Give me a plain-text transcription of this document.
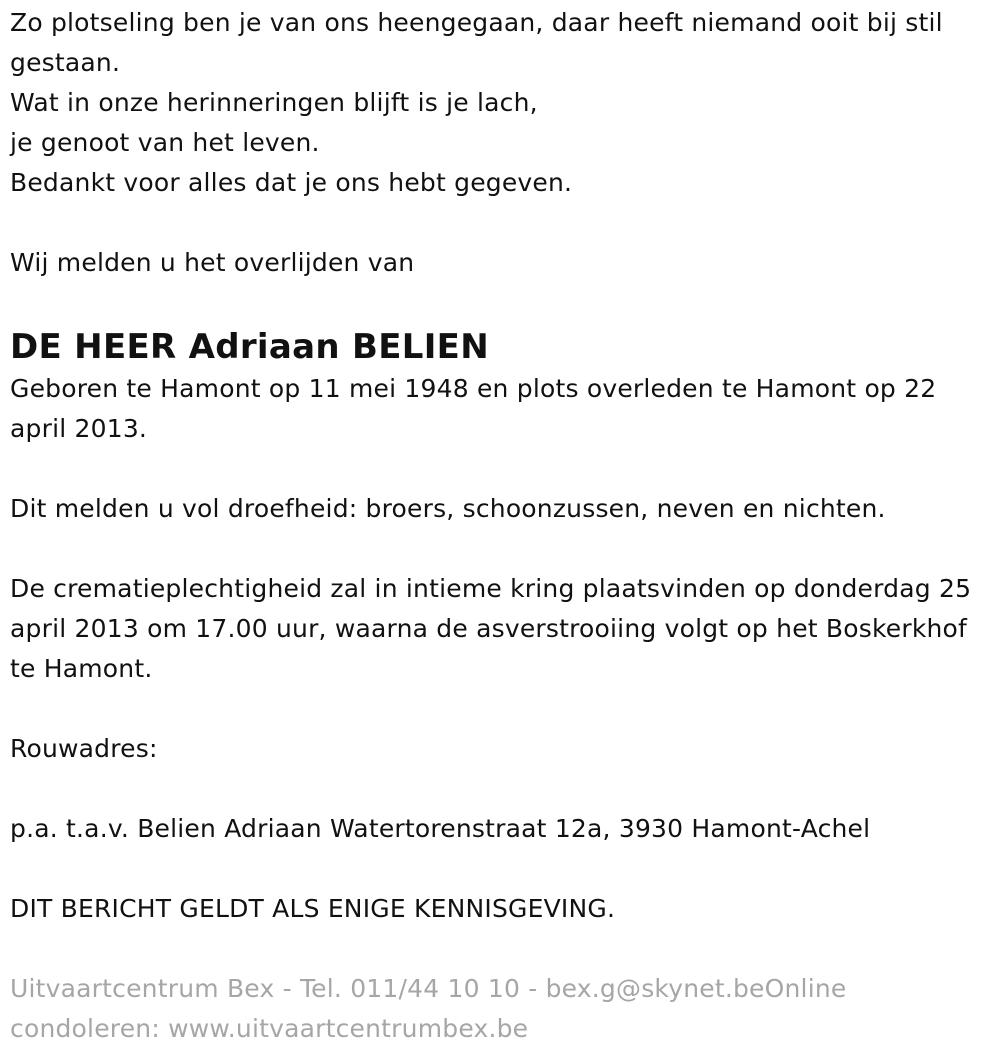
Zo plotseling ben je van ons heengegaan, daar heeft niemand ooit bij stil gestaan.
Wat in onze herinneringen blijft is je lach,
je genoot van het leven.
Bedankt voor alles dat je ons hebt gegeven.
Wij melden u het overlijden van
DE HEER Adriaan BELIEN
Geboren te Hamont op 11 mei 1948 en plots overleden te Hamont op 22 april 2013.
Dit melden u vol droefheid: broers, schoonzussen, neven en nichten.
De crematieplechtigheid zal in intieme kring plaatsvinden op donderdag 25 april 2013 om 17.00 uur, waarna de asverstrooiing volgt op het Boskerkhof te Hamont.
Rouwadres:
p.a. t.a.v. Belien Adriaan Watertorenstraat 12a, 3930 Hamont-Achel
DIT BERICHT GELDT ALS ENIGE KENNISGEVING.
Uitvaartcentrum Bex - Tel. 011/44 10 10 - bex.g@skynet.beOnline condoleren: www.uitvaartcentrumbex.be
